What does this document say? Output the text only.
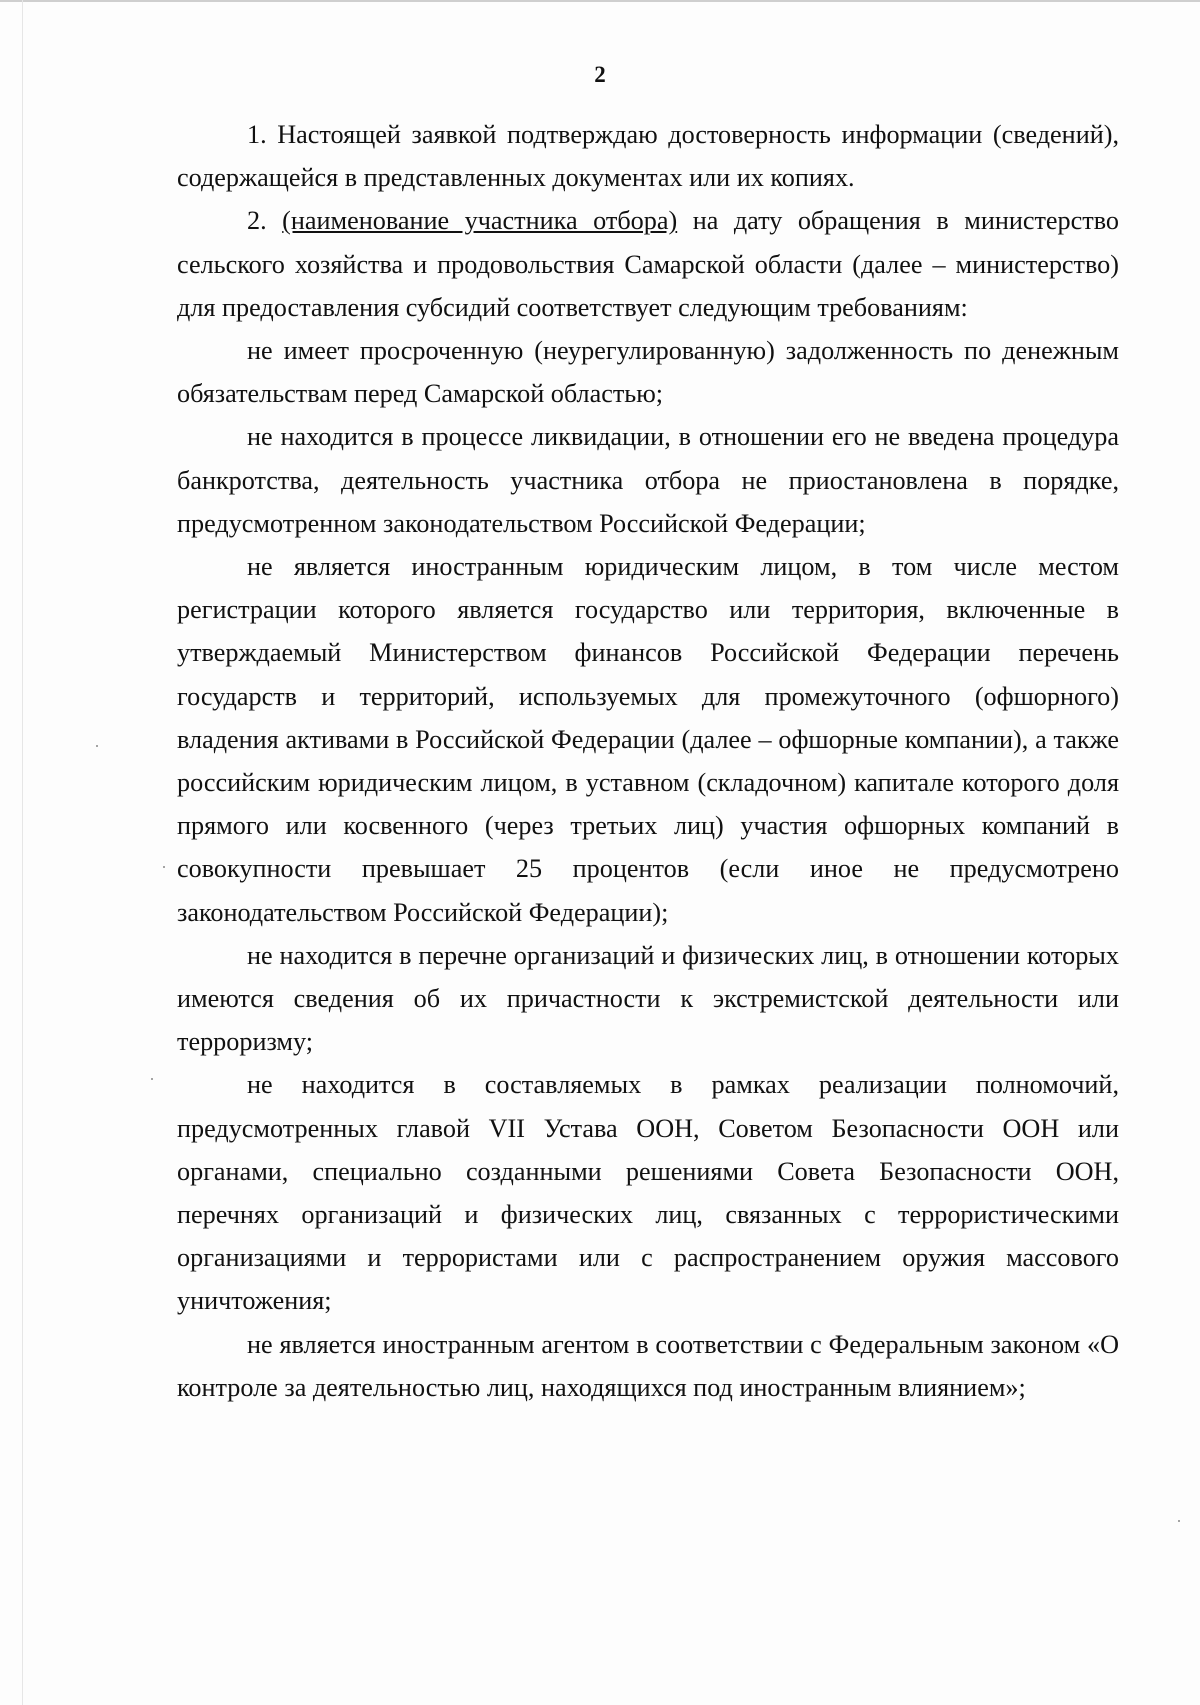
2

1. Настоящей заявкой подтверждаю достоверность информации (сведений), содержащейся в представленных документах или их копиях.

2. (наименование участника отбора) на дату обращения в министерство сельского хозяйства и продовольствия Самарской области (далее – министерство) для предоставления субсидий соответствует следующим требованиям:

не имеет просроченную (неурегулированную) задолженность по денежным обязательствам перед Самарской областью;

не находится в процессе ликвидации, в отношении его не введена процедура банкротства, деятельность участника отбора не приостановлена в порядке, предусмотренном законодательством Российской Федерации;

не является иностранным юридическим лицом, в том числе местом регистрации которого является государство или территория, включенные в утверждаемый Министерством финансов Российской Федерации перечень государств и территорий, используемых для промежуточного (офшорного) владения активами в Российской Федерации (далее – офшорные компании), а также российским юридическим лицом, в уставном (складочном) капитале которого доля прямого или косвенного (через третьих лиц) участия офшорных компаний в совокупности превышает 25 процентов (если иное не предусмотрено законодательством Российской Федерации);

не находится в перечне организаций и физических лиц, в отношении которых имеются сведения об их причастности к экстремистской деятельности или терроризму;

не находится в составляемых в рамках реализации полномочий, предусмотренных главой VII Устава ООН, Советом Безопасности ООН или органами, специально созданными решениями Совета Безопасности ООН, перечнях организаций и физических лиц, связанных с террористическими организациями и террористами или с распространением оружия массового уничтожения;

не является иностранным агентом в соответствии с Федеральным законом «О контроле за деятельностью лиц, находящихся под иностранным влиянием»;
